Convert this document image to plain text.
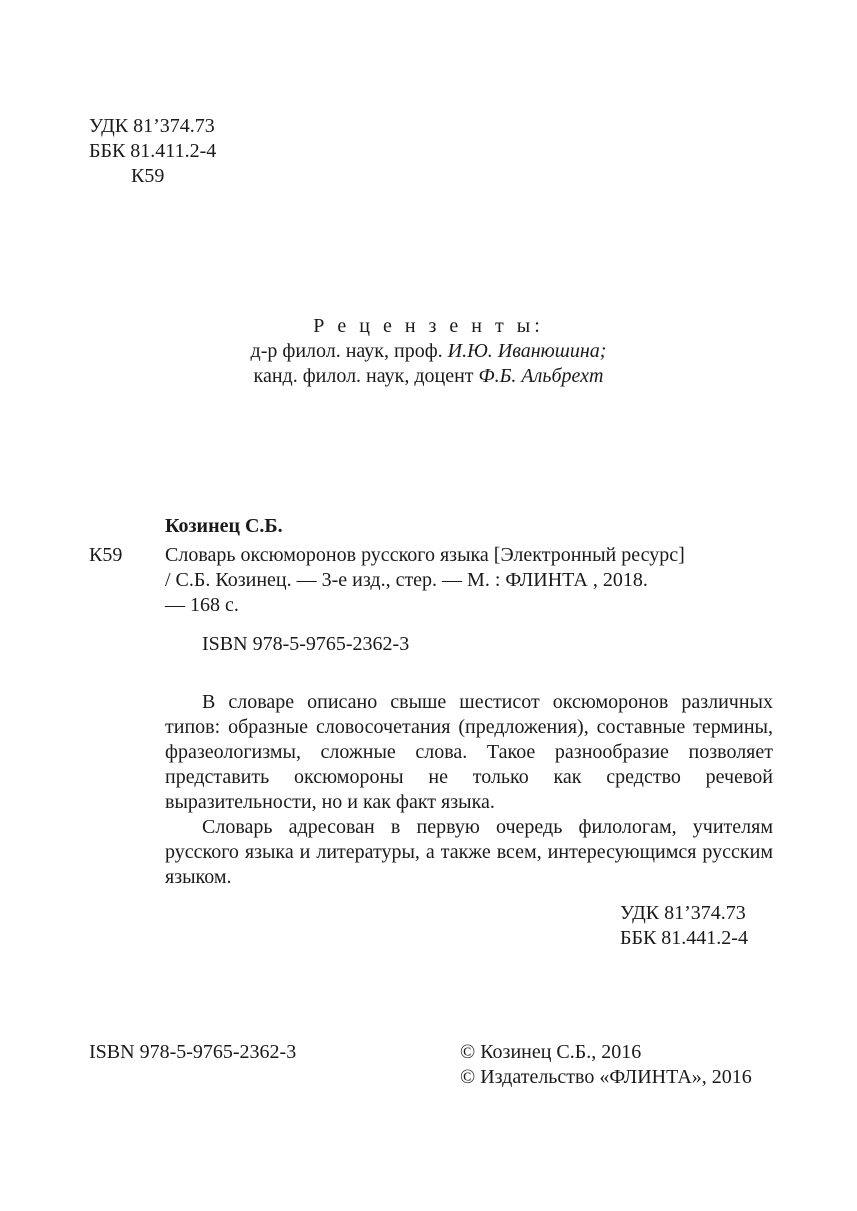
УДК 81’374.73
ББК 81.411.2-4
К59
Р е ц е н з е н т ы:
д-р филол. наук, проф. И.Ю. Иванюшина;
канд. филол. наук, доцент Ф.Б. Альбрехт
Козинец С.Б.
К59 Словарь оксюморонов русского языка [Электронный ресурс]
/ С.Б. Козинец. — 3-е изд., стер. — М. : ФЛИНТА , 2018.
— 168 с.
ISBN 978-5-9765-2362-3

В словаре описано свыше шестисот оксюморонов различных типов: образные словосочетания (предложения), составные термины, фразеологизмы, сложные слова. Такое разнообразие позволяет представить оксюмороны не только как средство речевой выразительности, но и как факт языка.

Словарь адресован в первую очередь филологам, учителям русского языка и литературы, а также всем, интересующимся русским языком.

УДК 81’374.73
ББК 81.441.2-4
ISBN 978-5-9765-2362-3	© Козинец С.Б., 2016
© Издательство «ФЛИНТА», 2016
